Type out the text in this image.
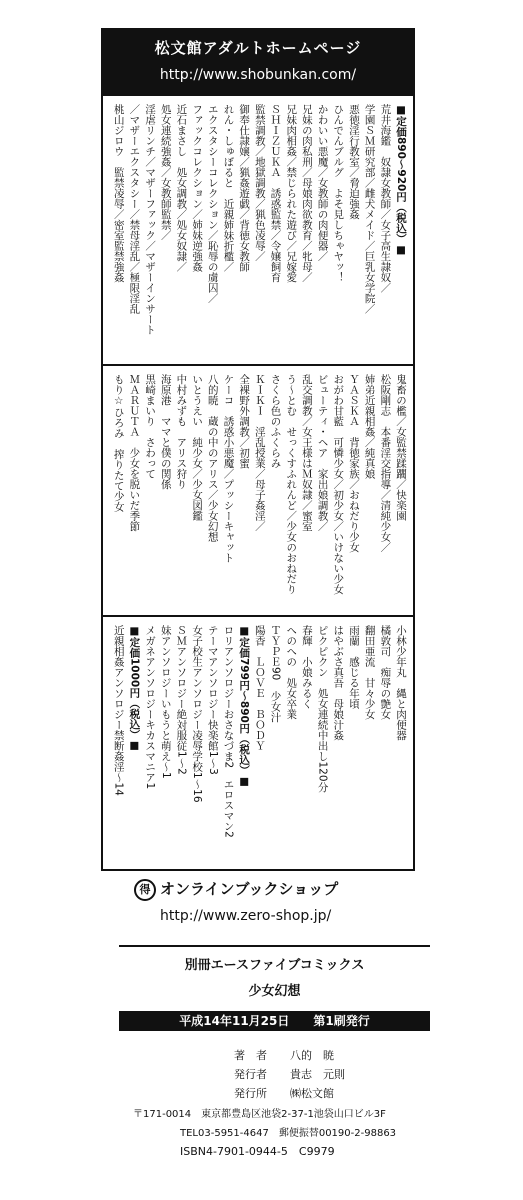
松文館アダルトホームページ
http://www.shobunkan.com/
■定価890〜920円（税込）■
荒井海鑑　奴隷女教師／女子高生隷奴／
学園ＳＭ研究部／雌犬メイド／巨乳女学院／
悪徳淫行教室／脅迫強姦
ひんでんブルグ　よそ見しちゃヤッ！
かわいい悪魔／女教師の肉便器／
兄妹の肉私刑／母娘肉欲教育／牝母／
兄妹肉相姦／禁じられた遊び／兄嫁愛
ＳＨＩＺＵＫＡ　誘惑監禁／令嬢飼育
監禁調教／地獄調教／猟色凌辱／
御奉仕隷嬢／猟姦遊戯／背徳女教師
れん・しゅぼると　近親姉妹折檻／
エクスタシーコレクション／恥辱の虜囚／
ファックコレクション／姉妹逆強姦
近石まさし　処女調教／処女奴隷／
処女連続強姦／女教師監禁／
淫虐リンチ／マザーファック／マザーインサート
／マザーエクスタシー／禁母淫乱／極限淫乱
桃山ジロウ　監禁凌辱／密室監禁強姦
鬼畜の檻／女監禁蹂躙／快楽園
松阪剛志　本番淫交指導／清純少女／
姉弟近親相姦／純真娘
ＹＡＳＫＡ　背徳家族／おねだり少女
おがわ甘藍　可憐少女／初少女／いけない少女
ビューティ・ヘア　家出娘調教／
乱交調教／女王様はＭ奴隷／蜜室
う〜とむ　せっくすふれんど／少女のおねだり
さくら色のふくらみ
ＫＩＫＩ　淫乱授業／母子姦淫／
全裸野外調教／初蜜
ケーコ　誘惑小悪魔／プッシーキャット
八的暁　蔵の中のアリス／少女幻想
いとうえい　純少女／少女図鑑
中村みずも　アリス狩り
海原港　ママと僕の関係
黒崎まいり　さわって
ＭＡＲＵＴＡ　少女を脱いだ季節
もり☆ひろみ　搾りたて少女
小林少年丸　縄と肉便器
橘敦司　痴辱の艶女
翻田亜流　甘々少女
雨蘭　感じる年頃
はやぶさ真吾　母娘汁姦
ピクピクン　処女連続中出し120分
春輝　小娘みるく
へのへの　処女卒業
ＴＹＰＥ90　少女汁
陽香　ＬＯＶＥ　ＢＯＤＹ
■定価799円〜890円（税込）■
ロリアンソロジーおさなづま2　エロスマン2
テーマアンソロジー快楽館1〜3
女子校生アンソロジー凌辱学校1〜16
ＳＭアンソロジー絶対服従1〜2
妹アンソロジーいもうと萌え〜1
メガネアンソロジーキカスマニア1
■定価1000円（税込）■
近親相姦アンソロジー禁断姦淫〜14
得 オンラインブックショップ
http://www.zero-shop.jp/
別冊エースファイブコミックス
少女幻想
平成14年11月25日　　第1刷発行
著　者 八的　暁
発行者 貴志　元則
発行所 ㈱松文館
〒171-0014　東京都豊島区池袋2-37-1池袋山口ビル3F
TEL03-5951-4647　郵便振替00190-2-98863
ISBN4-7901-0944-5　C9979
